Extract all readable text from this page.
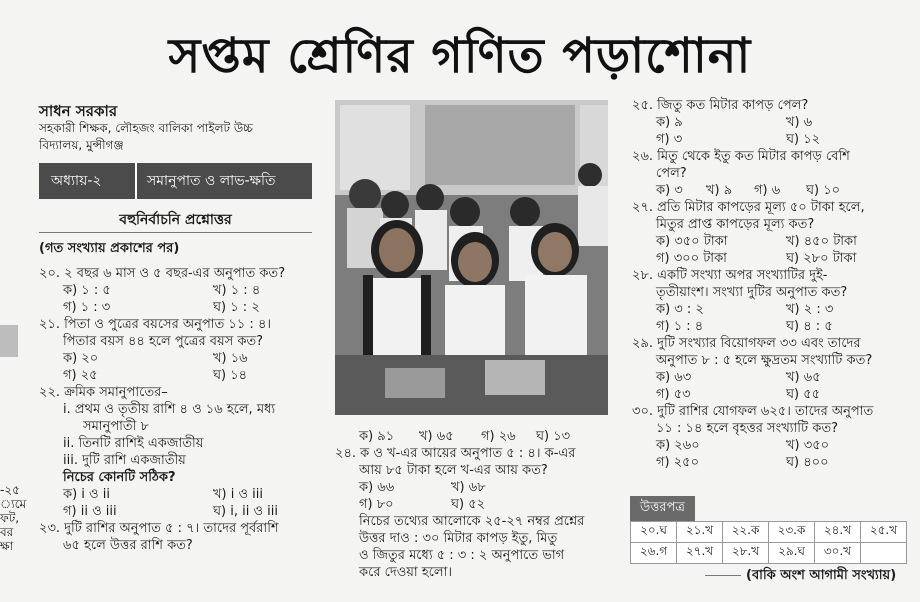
সপ্তম শ্রেণির গণিত পড়াশোনা
-২৫
্যমে
ফট,
বর
ক্ষা
সাধন সরকার
সহকারী শিক্ষক, লৌহজং বালিকা পাইলট উচ্চ
বিদ্যালয়, মুন্সীগঞ্জ
অধ্যায়-২	সমানুপাত ও লাভ-ক্ষতি
বহুনির্বাচনি প্রশ্নোত্তর
(গত সংখ্যায় প্রকাশের পর)
২০. ২ বছর ৬ মাস ও ৫ বছর-এর অনুপাত কত?
ক) ১ : ৫	খ) ১ : ৪
গ) ১ : ৩	ঘ) ১ : ২
২১. পিতা ও পুত্রের বয়সের অনুপাত ১১ : ৪।
পিতার বয়স ৪৪ হলে পুত্রের বয়স কত?
ক) ২০	খ) ১৬
গ) ২৫	ঘ) ১৪
২২. ক্রমিক সমানুপাতের–
i. প্রথম ও তৃতীয় রাশি ৪ ও ১৬ হলে, মধ্য
সমানুপাতী ৮
ii. তিনটি রাশিই একজাতীয়
iii. দুটি রাশি একজাতীয়
নিচের কোনটি সঠিক?
ক) i ও ii	খ) i ও iii
গ) ii ও iii	ঘ) i, ii ও iii
২৩. দুটি রাশির অনুপাত ৫ : ৭। তাদের পূর্বরাশি
৬৫ হলে উত্তর রাশি কত?
ক) ৯১	খ) ৬৫	গ) ২৬	ঘ) ১৩
২৪. ক ও খ-এর আয়ের অনুপাত ৫ : ৪। ক-এর
আয় ৮৫ টাকা হলে খ-এর আয় কত?
ক) ৬৬	খ) ৬৮
গ) ৮০	ঘ) ৫২
নিচের তথ্যের আলোকে ২৫-২৭ নম্বর প্রশ্নের
উত্তর দাও : ৩০ মিটার কাপড় ইতু, মিতু
ও জিতুর মধ্যে ৫ : ৩ : ২ অনুপাতে ভাগ
করে দেওয়া হলো।
২৫. জিতু কত মিটার কাপড় পেল?
ক) ৯	খ) ৬
গ) ৩	ঘ) ১২
২৬. মিতু থেকে ইতু কত মিটার কাপড় বেশি
পেল?
ক) ৩	খ) ৯	গ) ৬	ঘ) ১০
২৭. প্রতি মিটার কাপড়ের মূল্য ৫০ টাকা হলে,
মিতুর প্রাপ্ত কাপড়ের মূল্য কত?
ক) ৩৫০ টাকা	খ) ৪৫০ টাকা
গ) ৩০০ টাকা	ঘ) ২৮০ টাকা
২৮. একটি সংখ্যা অপর সংখ্যাটির দুই-
তৃতীয়াংশ। সংখ্যা দুটির অনুপাত কত?
ক) ৩ : ২	খ) ২ : ৩
গ) ১ : ৪	ঘ) ৪ : ৫
২৯. দুটি সংখ্যার বিয়োগফল ৩৩ এবং তাদের
অনুপাত ৮ : ৫ হলে ক্ষুদ্রতম সংখ্যাটি কত?
ক) ৬৩	খ) ৬৫
গ) ৫৩	ঘ) ৫৫
৩০. দুটি রাশির যোগফল ৬২৫। তাদের অনুপাত
১১ : ১৪ হলে বৃহত্তর সংখ্যাটি কত?
ক) ২৬০	খ) ৩৫০
গ) ২৫০	ঘ) ৪০০
উত্তরপত্র
২০.ঘ	২১.খ	২২.ক	২৩.ক	২৪.খ	২৫.খ
২৬.গ	২৭.খ	২৮.খ	২৯.ঘ	৩০.খ	
(বাকি অংশ আগামী সংখ্যায়)
